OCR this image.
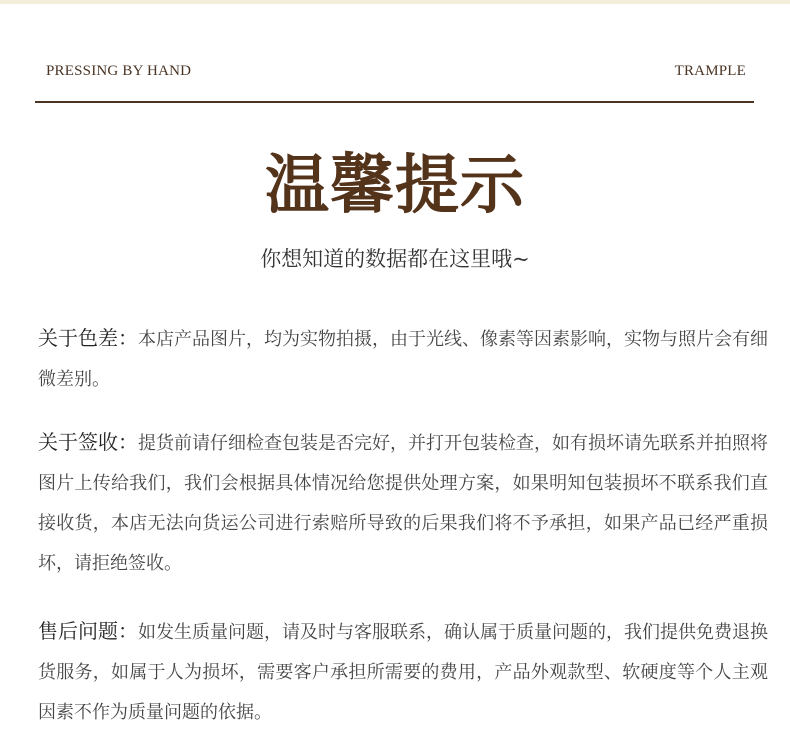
PRESSING BY HAND	TRAMPLE
温馨提示
你想知道的数据都在这里哦~
关于色差：本店产品图片，均为实物拍摄，由于光线、像素等因素影响，实物与照片会有细微差别。
关于签收：提货前请仔细检查包装是否完好，并打开包装检查，如有损坏请先联系并拍照将图片上传给我们，我们会根据具体情况给您提供处理方案，如果明知包装损坏不联系我们直接收货，本店无法向货运公司进行索赔所导致的后果我们将不予承担，如果产品已经严重损坏，请拒绝签收。
售后问题：如发生质量问题，请及时与客服联系，确认属于质量问题的，我们提供免费退换货服务，如属于人为损坏，需要客户承担所需要的费用，产品外观款型、软硬度等个人主观因素不作为质量问题的依据。
